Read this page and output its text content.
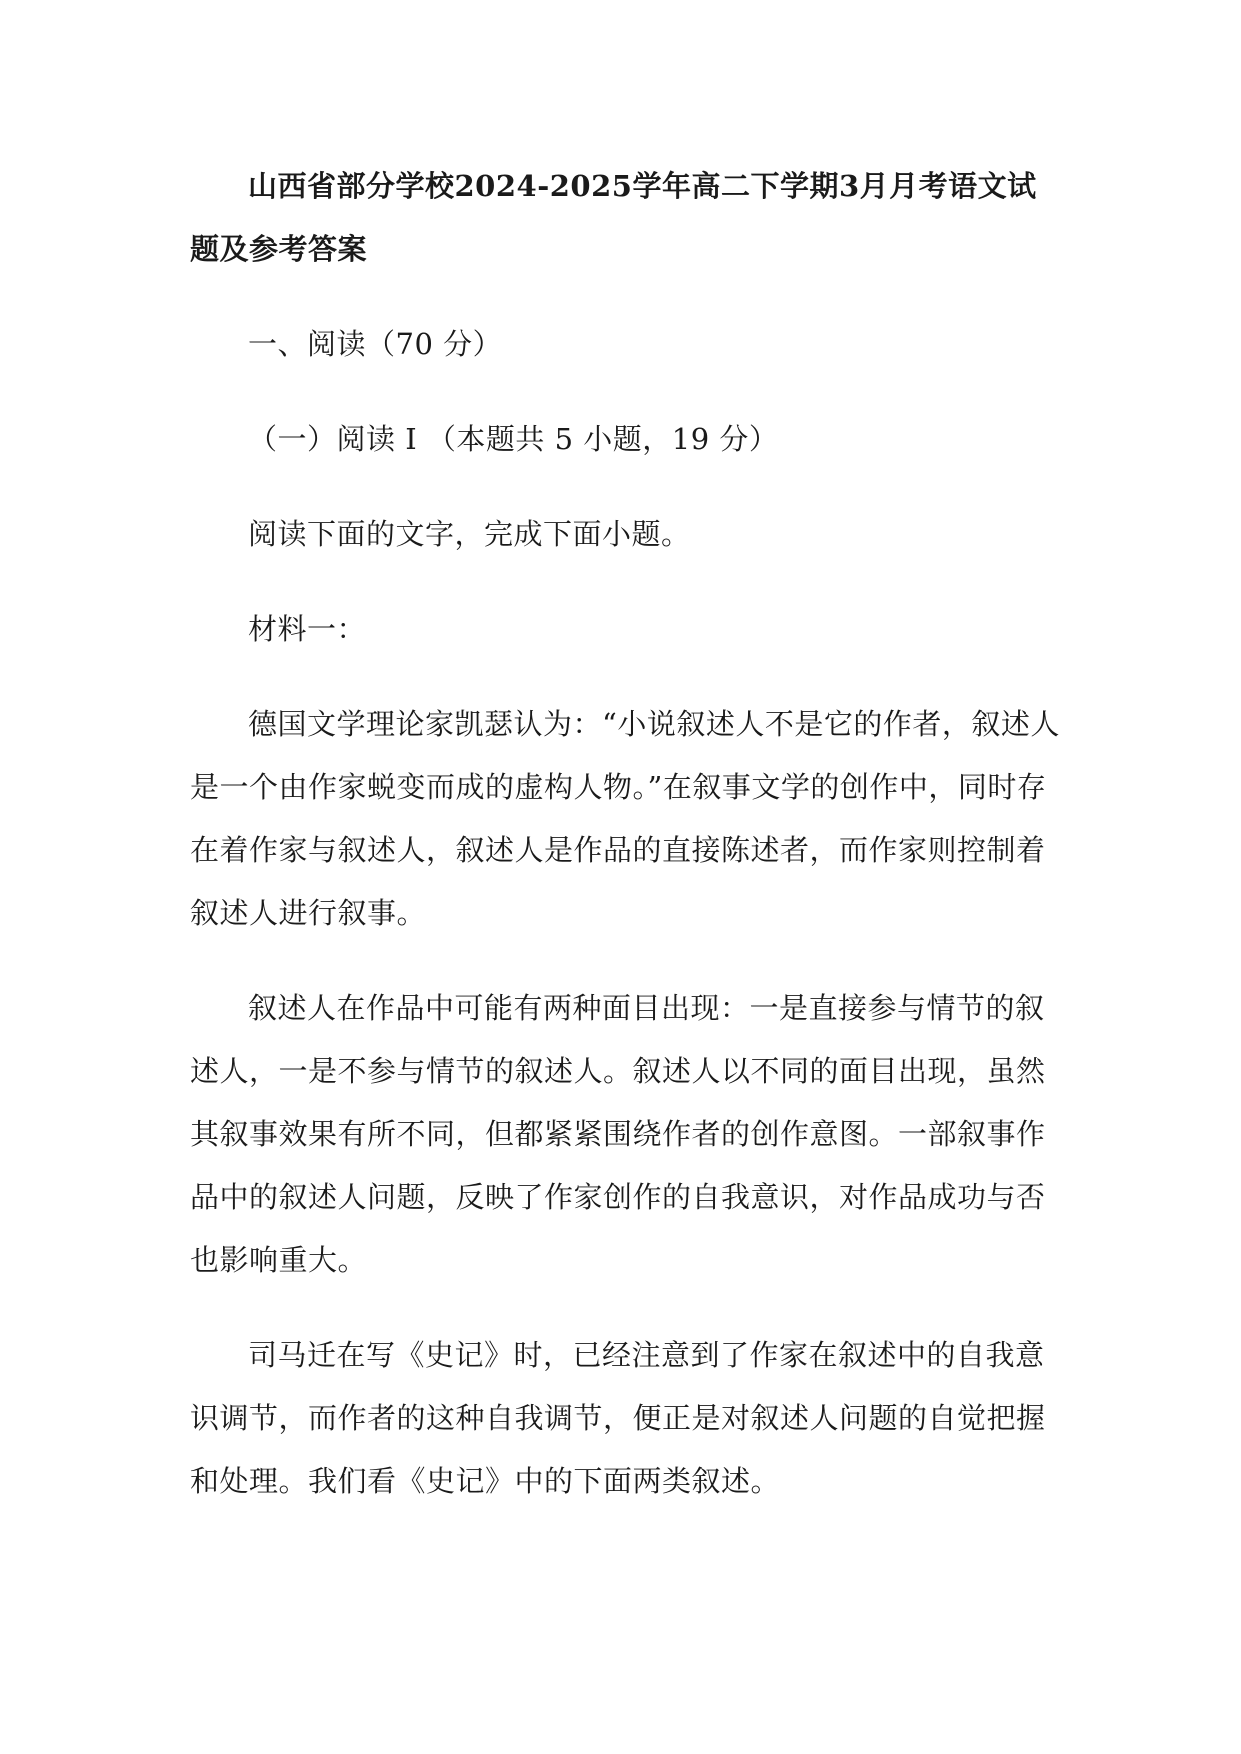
山西省部分学校2024-2025学年高二下学期3月月考语文试题及参考答案

一、阅读（70 分）

（一）阅读 I （本题共 5 小题，19 分）

阅读下面的文字，完成下面小题。

材料一：

德国文学理论家凯瑟认为：“小说叙述人不是它的作者，叙述人是一个由作家蜕变而成的虚构人物。”在叙事文学的创作中，同时存在着作家与叙述人，叙述人是作品的直接陈述者，而作家则控制着叙述人进行叙事。

叙述人在作品中可能有两种面目出现：一是直接参与情节的叙述人，一是不参与情节的叙述人。叙述人以不同的面目出现，虽然其叙事效果有所不同，但都紧紧围绕作者的创作意图。一部叙事作品中的叙述人问题，反映了作家创作的自我意识，对作品成功与否也影响重大。

司马迁在写《史记》时，已经注意到了作家在叙述中的自我意识调节，而作者的这种自我调节，便正是对叙述人问题的自觉把握和处理。我们看《史记》中的下面两类叙述。
